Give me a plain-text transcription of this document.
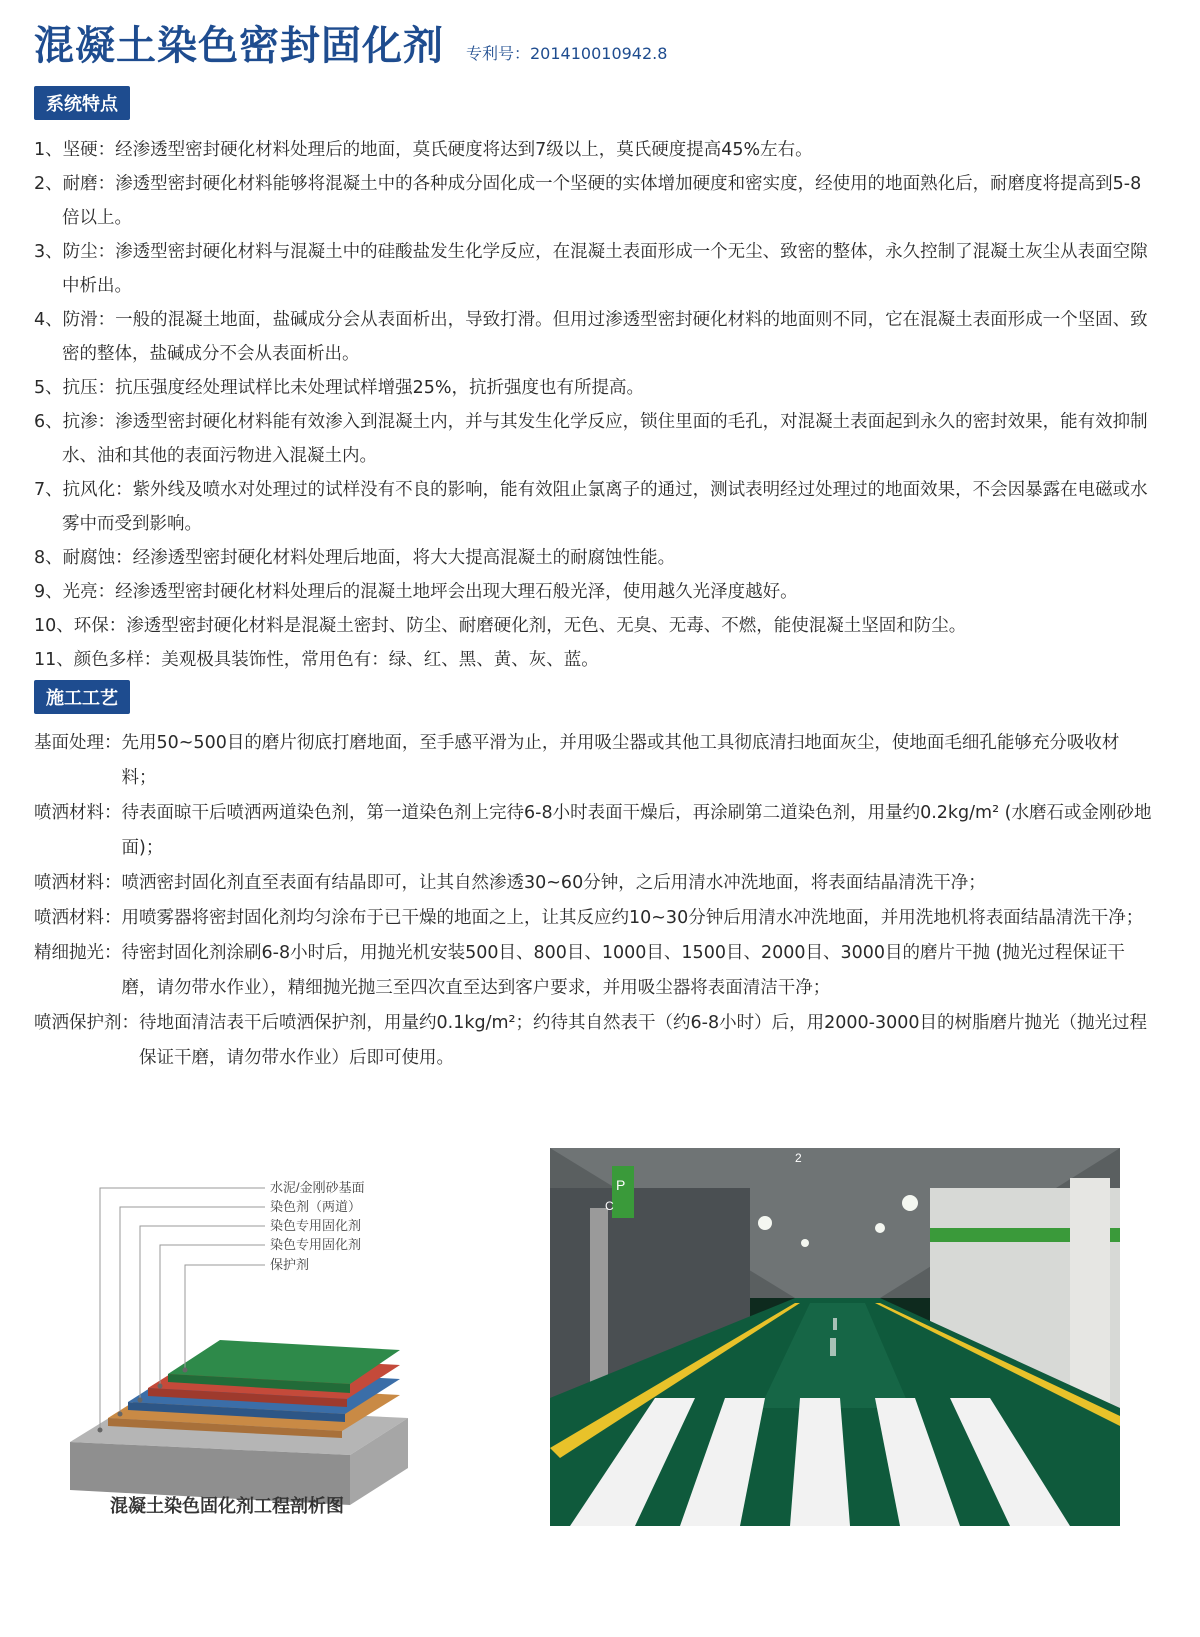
混凝土染色密封固化剂 专利号：201410010942.8
系统特点
1、坚硬：经渗透型密封硬化材料处理后的地面，莫氏硬度将达到7级以上，莫氏硬度提高45%左右。
2、耐磨：渗透型密封硬化材料能够将混凝土中的各种成分固化成一个坚硬的实体增加硬度和密实度，经使用的地面熟化后，耐磨度将提高到5-8倍以上。
3、防尘：渗透型密封硬化材料与混凝土中的硅酸盐发生化学反应，在混凝土表面形成一个无尘、致密的整体，永久控制了混凝土灰尘从表面空隙中析出。
4、防滑：一般的混凝土地面，盐碱成分会从表面析出，导致打滑。但用过渗透型密封硬化材料的地面则不同，它在混凝土表面形成一个坚固、致密的整体，盐碱成分不会从表面析出。
5、抗压：抗压强度经处理试样比未处理试样增强25%，抗折强度也有所提高。
6、抗渗：渗透型密封硬化材料能有效渗入到混凝土内，并与其发生化学反应，锁住里面的毛孔，对混凝土表面起到永久的密封效果，能有效抑制水、油和其他的表面污物进入混凝土内。
7、抗风化：紫外线及喷水对处理过的试样没有不良的影响，能有效阻止氯离子的通过，测试表明经过处理过的地面效果，不会因暴露在电磁或水雾中而受到影响。
8、耐腐蚀：经渗透型密封硬化材料处理后地面，将大大提高混凝土的耐腐蚀性能。
9、光亮：经渗透型密封硬化材料处理后的混凝土地坪会出现大理石般光泽，使用越久光泽度越好。
10、环保：渗透型密封硬化材料是混凝土密封、防尘、耐磨硬化剂，无色、无臭、无毒、不燃，能使混凝土坚固和防尘。
11、颜色多样：美观极具装饰性，常用色有：绿、红、黑、黄、灰、蓝。
施工工艺
基面处理： 先用50~500目的磨片彻底打磨地面，至手感平滑为止，并用吸尘器或其他工具彻底清扫地面灰尘，使地面毛细孔能够充分吸收材料；
喷洒材料： 待表面晾干后喷洒两道染色剂，第一道染色剂上完待6-8小时表面干燥后，再涂刷第二道染色剂，用量约0.2kg/m² (水磨石或金刚砂地面)；
喷洒材料： 喷洒密封固化剂直至表面有结晶即可，让其自然渗透30~60分钟，之后用清水冲洗地面，将表面结晶清洗干净；
喷洒材料： 用喷雾器将密封固化剂均匀涂布于已干燥的地面之上，让其反应约10~30分钟后用清水冲洗地面，并用洗地机将表面结晶清洗干净；
精细抛光： 待密封固化剂涂刷6-8小时后，用抛光机安装500目、800目、1000目、1500目、2000目、3000目的磨片干抛 (抛光过程保证干磨，请勿带水作业），精细抛光抛三至四次直至达到客户要求，并用吸尘器将表面清洁干净；
喷洒保护剂： 待地面清洁表干后喷洒保护剂，用量约0.1kg/m²；约待其自然表干（约6-8小时）后，用2000-3000目的树脂磨片抛光（抛光过程保证干磨，请勿带水作业）后即可使用。
水泥/金刚砂基面
染色剂（两道）
染色专用固化剂
染色专用固化剂
保护剂
混凝土染色固化剂工程剖析图
P
C
2
